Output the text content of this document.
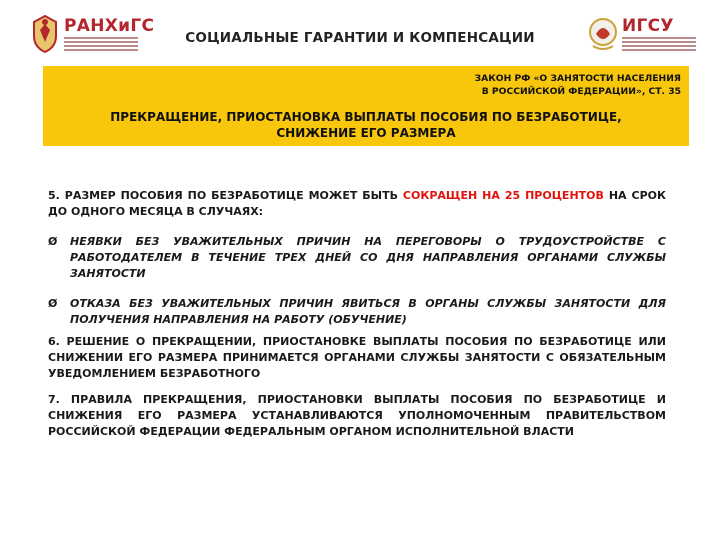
РАНХиГС
СОЦИАЛЬНЫЕ ГАРАНТИИ И КОМПЕНСАЦИИ
ИГСУ
ЗАКОН РФ «О ЗАНЯТОСТИ НАСЕЛЕНИЯ
В РОССИЙСКОЙ ФЕДЕРАЦИИ», СТ. 35
ПРЕКРАЩЕНИЕ, ПРИОСТАНОВКА ВЫПЛАТЫ ПОСОБИЯ ПО БЕЗРАБОТИЦЕ,
СНИЖЕНИЕ ЕГО РАЗМЕРА

5. РАЗМЕР ПОСОБИЯ ПО БЕЗРАБОТИЦЕ МОЖЕТ БЫТЬ СОКРАЩЕН НА 25 ПРОЦЕНТОВ НА СРОК ДО ОДНОГО МЕСЯЦА В СЛУЧАЯХ:

Ø	НЕЯВКИ БЕЗ УВАЖИТЕЛЬНЫХ ПРИЧИН НА ПЕРЕГОВОРЫ О ТРУДОУСТРОЙСТВЕ С РАБОТОДАТЕЛЕМ В ТЕЧЕНИЕ ТРЕХ ДНЕЙ СО ДНЯ НАПРАВЛЕНИЯ ОРГАНАМИ СЛУЖБЫ ЗАНЯТОСТИ
Ø	ОТКАЗА БЕЗ УВАЖИТЕЛЬНЫХ ПРИЧИН ЯВИТЬСЯ В ОРГАНЫ СЛУЖБЫ ЗАНЯТОСТИ ДЛЯ ПОЛУЧЕНИЯ НАПРАВЛЕНИЯ НА РАБОТУ (ОБУЧЕНИЕ)

6. РЕШЕНИЕ О ПРЕКРАЩЕНИИ, ПРИОСТАНОВКЕ ВЫПЛАТЫ ПОСОБИЯ ПО БЕЗРАБОТИЦЕ ИЛИ СНИЖЕНИИ ЕГО РАЗМЕРА ПРИНИМАЕТСЯ ОРГАНАМИ СЛУЖБЫ ЗАНЯТОСТИ С ОБЯЗАТЕЛЬНЫМ УВЕДОМЛЕНИЕМ БЕЗРАБОТНОГО

7. ПРАВИЛА ПРЕКРАЩЕНИЯ, ПРИОСТАНОВКИ ВЫПЛАТЫ ПОСОБИЯ ПО БЕЗРАБОТИЦЕ И СНИЖЕНИЯ ЕГО РАЗМЕРА УСТАНАВЛИВАЮТСЯ УПОЛНОМОЧЕННЫМ ПРАВИТЕЛЬСТВОМ РОССИЙСКОЙ ФЕДЕРАЦИИ ФЕДЕРАЛЬНЫМ ОРГАНОМ ИСПОЛНИТЕЛЬНОЙ ВЛАСТИ
